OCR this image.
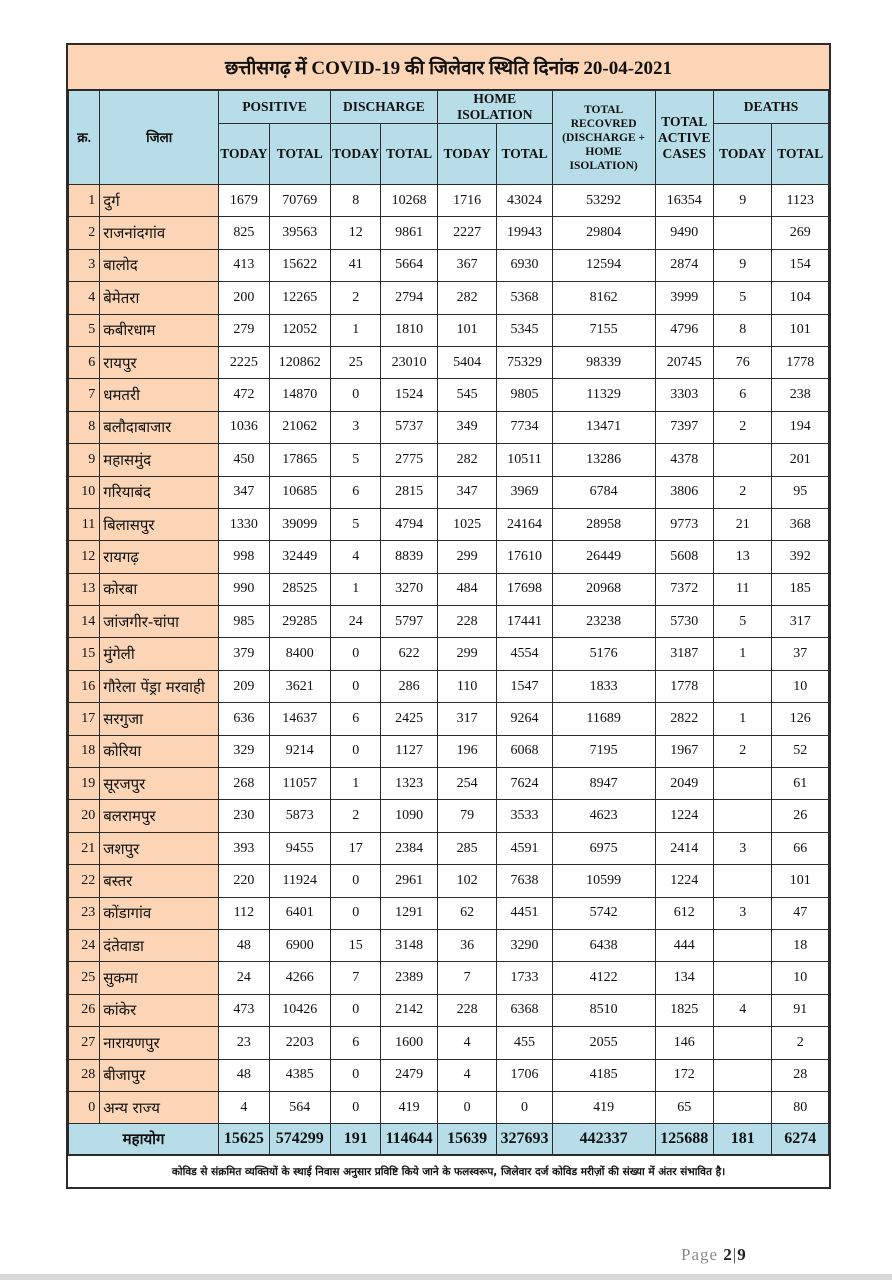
छत्तीसगढ़ में COVID-19 की जिलेवार स्थिति दिनांक 20-04-2021
क्र.	जिला	POSITIVE		DISCHARGE		HOME ISOLATION		TOTAL RECOVRED (DISCHARGE + HOME ISOLATION)	TOTAL ACTIVE CASES	DEATHS	
		TODAY	TOTAL	TODAY	TOTAL	TODAY	TOTAL			TODAY	TOTAL
1	दुर्ग	1679	70769	8	10268	1716	43024	53292	16354	9	1123
2	राजनांदगांव	825	39563	12	9861	2227	19943	29804	9490		269
3	बालोद	413	15622	41	5664	367	6930	12594	2874	9	154
4	बेमेतरा	200	12265	2	2794	282	5368	8162	3999	5	104
5	कबीरधाम	279	12052	1	1810	101	5345	7155	4796	8	101
6	रायपुर	2225	120862	25	23010	5404	75329	98339	20745	76	1778
7	धमतरी	472	14870	0	1524	545	9805	11329	3303	6	238
8	बलौदाबाजार	1036	21062	3	5737	349	7734	13471	7397	2	194
9	महासमुंद	450	17865	5	2775	282	10511	13286	4378		201
10	गरियाबंद	347	10685	6	2815	347	3969	6784	3806	2	95
11	बिलासपुर	1330	39099	5	4794	1025	24164	28958	9773	21	368
12	रायगढ़	998	32449	4	8839	299	17610	26449	5608	13	392
13	कोरबा	990	28525	1	3270	484	17698	20968	7372	11	185
14	जांजगीर-चांपा	985	29285	24	5797	228	17441	23238	5730	5	317
15	मुंगेली	379	8400	0	622	299	4554	5176	3187	1	37
16	गौरेला पेंड्रा मरवाही	209	3621	0	286	110	1547	1833	1778		10
17	सरगुजा	636	14637	6	2425	317	9264	11689	2822	1	126
18	कोरिया	329	9214	0	1127	196	6068	7195	1967	2	52
19	सूरजपुर	268	11057	1	1323	254	7624	8947	2049		61
20	बलरामपुर	230	5873	2	1090	79	3533	4623	1224		26
21	जशपुर	393	9455	17	2384	285	4591	6975	2414	3	66
22	बस्तर	220	11924	0	2961	102	7638	10599	1224		101
23	कोंडागांव	112	6401	0	1291	62	4451	5742	612	3	47
24	दंतेवाडा	48	6900	15	3148	36	3290	6438	444		18
25	सुकमा	24	4266	7	2389	7	1733	4122	134		10
26	कांकेर	473	10426	0	2142	228	6368	8510	1825	4	91
27	नारायणपुर	23	2203	6	1600	4	455	2055	146		2
28	बीजापुर	48	4385	0	2479	4	1706	4185	172		28
0	अन्य राज्य	4	564	0	419	0	0	419	65		80
महायोग		15625	574299	191	114644	15639	327693	442337	125688	181	6274
कोविड से संक्रमित व्यक्तियों के स्थाई निवास अनुसार प्रविष्टि किये जाने के फलस्वरूप, जिलेवार दर्ज कोविड मरीज़ों की संख्या में अंतर संभावित है।
Page 2|9
